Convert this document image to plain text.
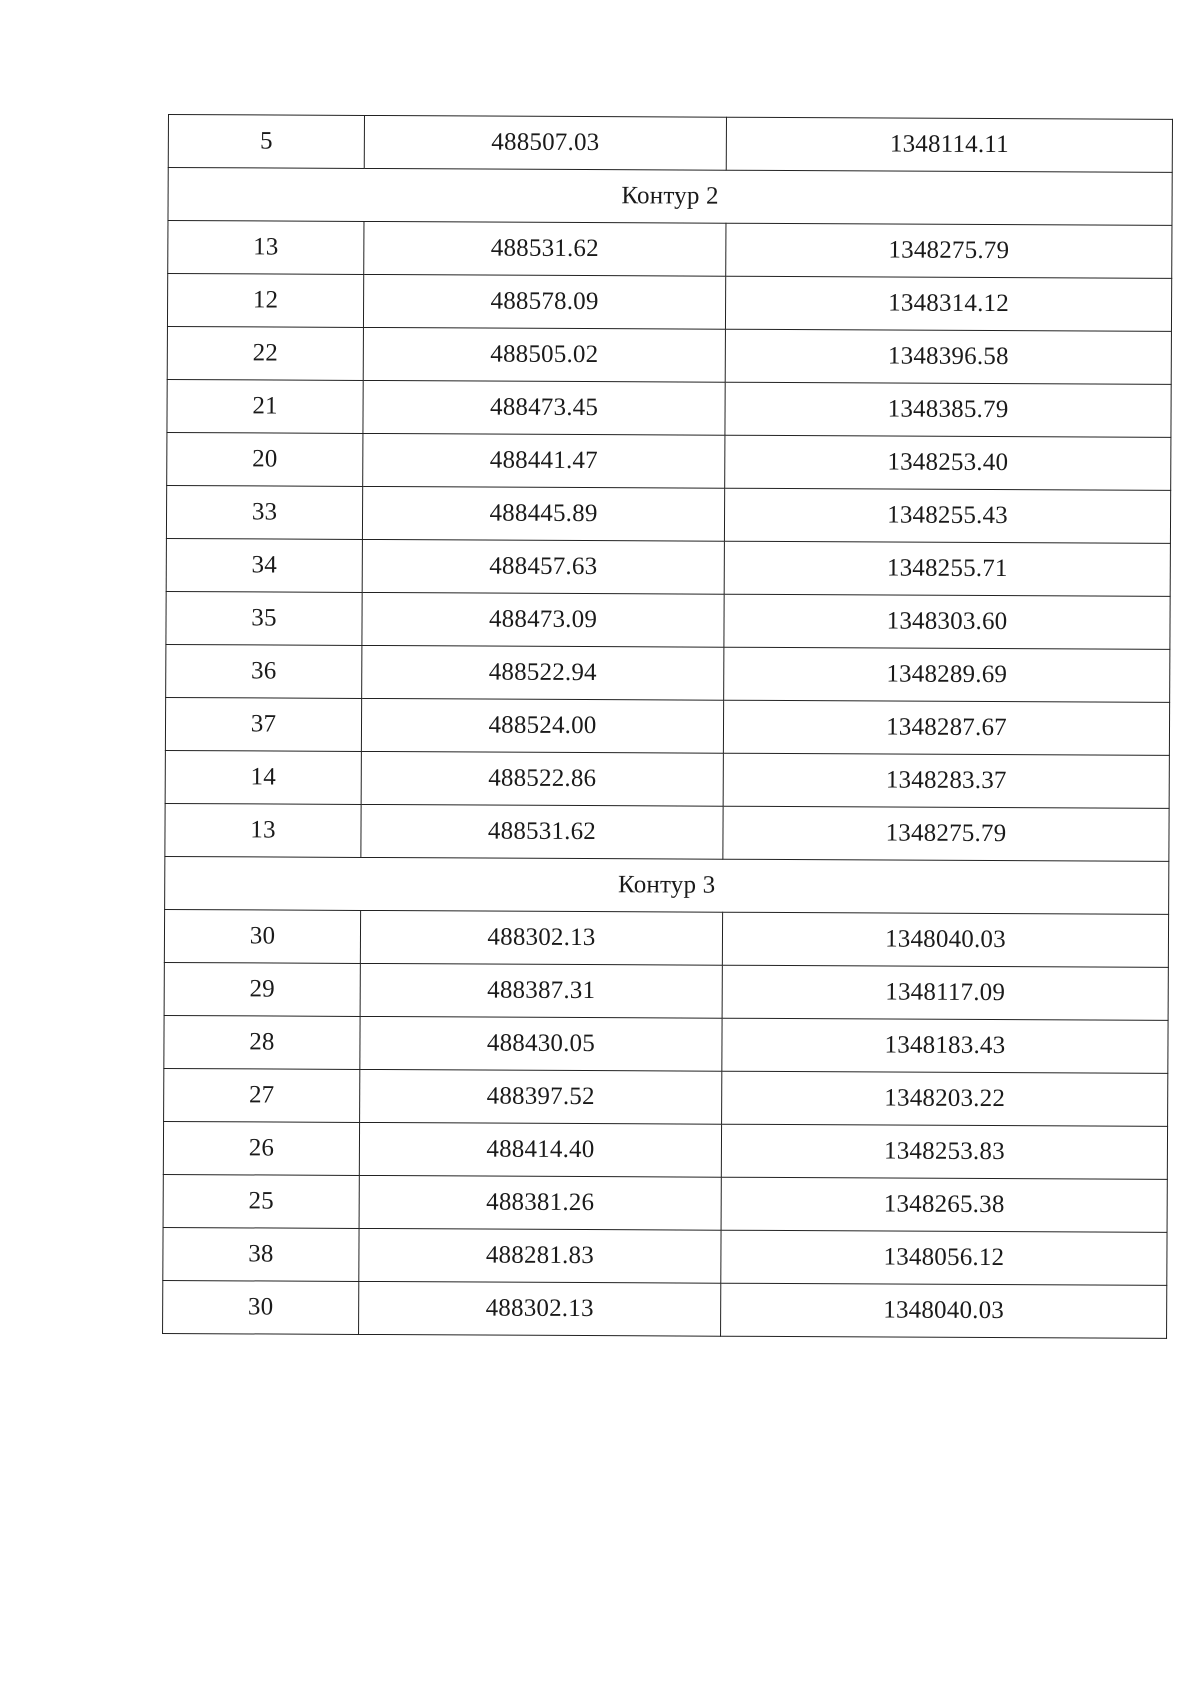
5	488507.03	1348114.11
Контур 2		
13	488531.62	1348275.79
12	488578.09	1348314.12
22	488505.02	1348396.58
21	488473.45	1348385.79
20	488441.47	1348253.40
33	488445.89	1348255.43
34	488457.63	1348255.71
35	488473.09	1348303.60
36	488522.94	1348289.69
37	488524.00	1348287.67
14	488522.86	1348283.37
13	488531.62	1348275.79
Контур 3		
30	488302.13	1348040.03
29	488387.31	1348117.09
28	488430.05	1348183.43
27	488397.52	1348203.22
26	488414.40	1348253.83
25	488381.26	1348265.38
38	488281.83	1348056.12
30	488302.13	1348040.03
